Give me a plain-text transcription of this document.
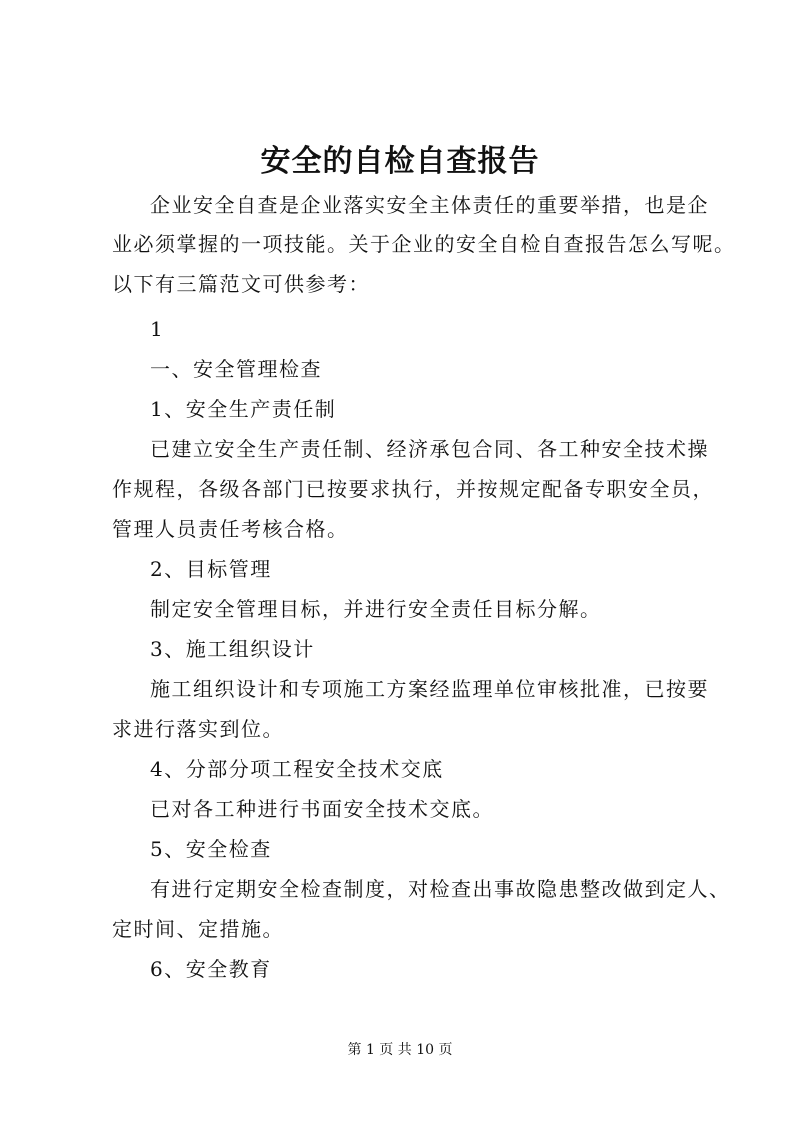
安全的自检自查报告
企业安全自查是企业落实安全主体责任的重要举措，也是企
业必须掌握的一项技能。关于企业的安全自检自查报告怎么写呢。
以下有三篇范文可供参考：
1
一、安全管理检查
1、安全生产责任制
已建立安全生产责任制、经济承包合同、各工种安全技术操
作规程，各级各部门已按要求执行，并按规定配备专职安全员，
管理人员责任考核合格。
2、目标管理
制定安全管理目标，并进行安全责任目标分解。
3、施工组织设计
施工组织设计和专项施工方案经监理单位审核批准，已按要
求进行落实到位。
4、分部分项工程安全技术交底
已对各工种进行书面安全技术交底。
5、安全检查
有进行定期安全检查制度，对检查出事故隐患整改做到定人、
定时间、定措施。
6、安全教育
第 1 页 共 10 页
